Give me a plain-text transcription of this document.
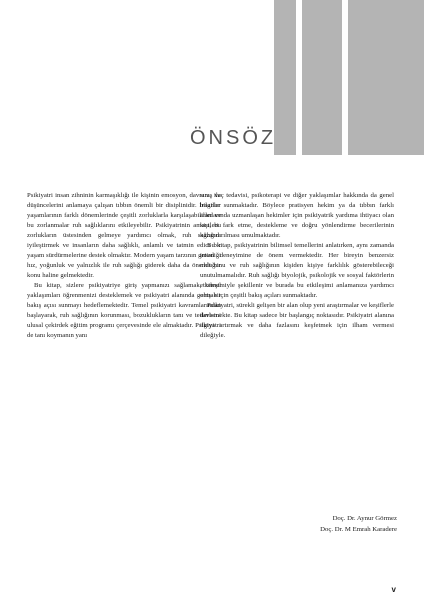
ÖNSÖZ

Psikiyatri insan zihninin karmaşıklığı ile kişinin emosyon, davranış ve düşüncelerini anlamaya çalışan tıbbın önemli bir disiplinidir. İnsanlar yaşamlarının farklı dönemlerinde çeşitli zorluklarla karşılaşabilirler ve bu zorlanmalar ruh sağlıklarını etkileyebilir. Psikiyatrinin amacı, bu zorlukların üstesinden gelmeye yardımcı olmak, ruh sağlığını iyileştirmek ve insanların daha sağlıklı, anlamlı ve tatmin edici bir yaşam sürdürmelerine destek olmaktır. Modern yaşam tarzının getirdiği hız, yoğunluk ve yalnızlık ile ruh sağlığı giderek daha da önemli bir konu haline gelmektedir.

Bu kitap, sizlere psikiyatriye giriş yapmanızı sağlamak, temel yaklaşımları öğrenmenizi desteklemek ve psikiyatri alanında geniş bir bakış açısı sunmayı hedeflemektedir. Temel psikiyatri kavramlarından başlayarak, ruh sağlığının korunması, bozuklukların tanı ve tedavisini ulusal çekirdek eğitim programı çerçevesinde ele almaktadır. Psikiyatri de tanı koymanın yanı

sıra, ilaç tedavisi, psikoterapi ve diğer yaklaşımlar hakkında da genel bilgiler sunmaktadır. Böylece pratisyen hekim ya da tıbbın farklı alanlarında uzmanlaşan hekimler için psikiyatrik yardıma ihtiyacı olan kişileri fark etme, destekleme ve doğru yönlendirme becerilerinin kazandırılması umulmaktadır.

Bu kitap, psikiyatrinin bilimsel temellerini anlatırken, aynı zamanda insan deneyimine de önem vermektedir. Her bireyin benzersiz olduğunu ve ruh sağlığının kişiden kişiye farklılık gösterebileceği unutulmamalıdır. Ruh sağlığı biyolojik, psikolojik ve sosyal faktörlerin etkileşimiyle şekillenir ve burada bu etkileşimi anlamanıza yardımcı olmak için çeşitli bakış açıları sunmaktadır.

Psikiyatri, sürekli gelişen bir alan olup yeni araştırmalar ve keşiflerle ilerlemekte. Bu kitap sadece bir başlangıç noktasıdır. Psikiyatri alanına ilgiyi artırmak ve daha fazlasını keşfetmek için ilham vermesi dileğiyle.

Doç. Dr. Aynur Görmez
Doç. Dr. M Emrah Karadere
v
